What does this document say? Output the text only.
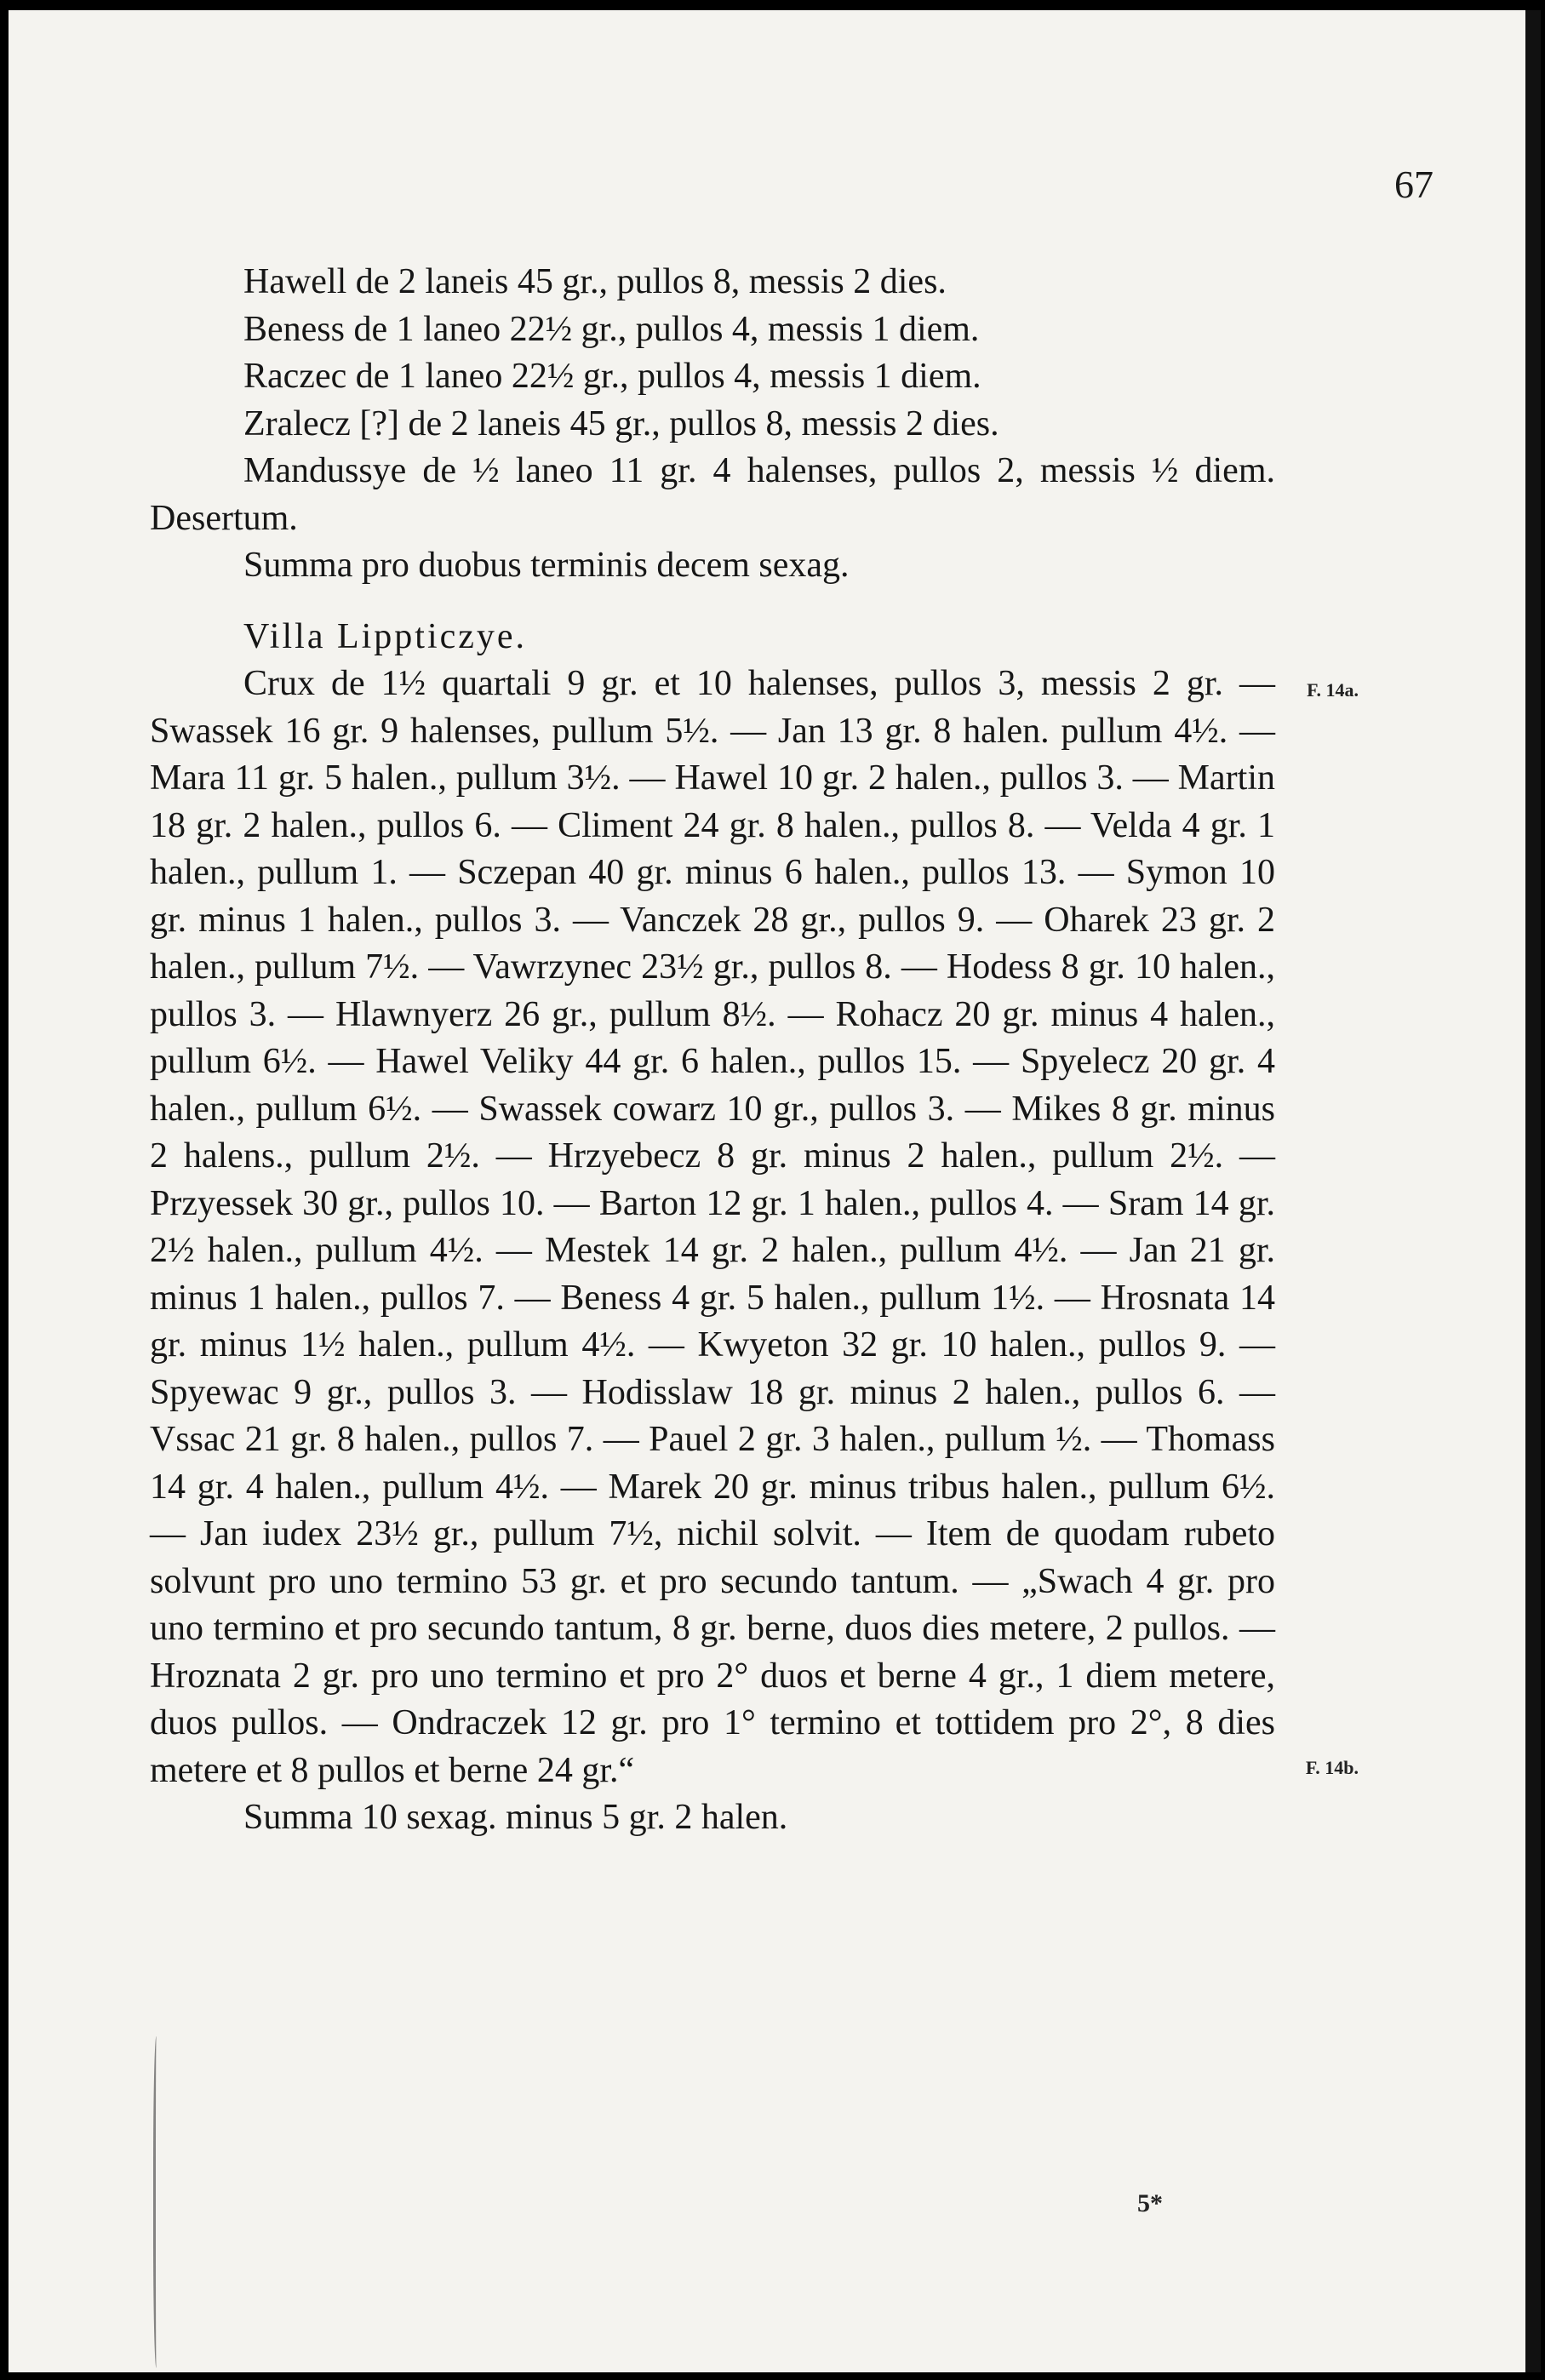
67

Hawell de 2 laneis 45 gr., pullos 8, messis 2 dies.

Beness de 1 laneo 22½ gr., pullos 4, messis 1 diem.

Raczec de 1 laneo 22½ gr., pullos 4, messis 1 diem.

Zralecz [?] de 2 laneis 45 gr., pullos 8, messis 2 dies.

Mandussye de ½ laneo 11 gr. 4 halenses, pullos 2, messis ½ diem. Desertum.

Summa pro duobus terminis decem sexag.

Villa Lippticzye.

Crux de 1½ quartali 9 gr. et 10 halenses, pullos 3, messis 2 gr. — Swassek 16 gr. 9 halenses, pullum 5½. — Jan 13 gr. 8 halen. pullum 4½. — Mara 11 gr. 5 halen., pullum 3½. — Hawel 10 gr. 2 halen., pullos 3. — Martin 18 gr. 2 halen., pullos 6. — Climent 24 gr. 8 halen., pullos 8. — Velda 4 gr. 1 halen., pullum 1. — Sczepan 40 gr. minus 6 halen., pullos 13. — Symon 10 gr. minus 1 halen., pullos 3. — Vanczek 28 gr., pullos 9. — Oharek 23 gr. 2 halen., pullum 7½. — Vawrzynec 23½ gr., pullos 8. — Hodess 8 gr. 10 halen., pullos 3. — Hlawnyerz 26 gr., pullum 8½. — Rohacz 20 gr. minus 4 halen., pullum 6½. — Hawel Veliky 44 gr. 6 halen., pullos 15. — Spyelecz 20 gr. 4 halen., pullum 6½. — Swassek cowarz 10 gr., pullos 3. — Mikes 8 gr. minus 2 halens., pullum 2½. — Hrzyebecz 8 gr. minus 2 halen., pullum 2½. — Przyessek 30 gr., pullos 10. — Barton 12 gr. 1 halen., pullos 4. — Sram 14 gr. 2½ halen., pullum 4½. — Mestek 14 gr. 2 halen., pullum 4½. — Jan 21 gr. minus 1 halen., pullos 7. — Beness 4 gr. 5 halen., pullum 1½. — Hrosnata 14 gr. minus 1½ halen., pullum 4½. — Kwyeton 32 gr. 10 halen., pullos 9. — Spyewac 9 gr., pullos 3. — Hodisslaw 18 gr. minus 2 halen., pullos 6. — Vssac 21 gr. 8 halen., pullos 7. — Pauel 2 gr. 3 halen., pullum ½. — Thomass 14 gr. 4 halen., pullum 4½. — Marek 20 gr. minus tribus halen., pullum 6½. — Jan iudex 23½ gr., pullum 7½, nichil solvit. — Item de quodam rubeto solvunt pro uno termino 53 gr. et pro secundo tantum. — „Swach 4 gr. pro uno termino et pro secundo tantum, 8 gr. berne, duos dies metere, 2 pullos. — Hroznata 2 gr. pro uno termino et pro 2° duos et berne 4 gr., 1 diem metere, duos pullos. — Ondraczek 12 gr. pro 1° termino et tottidem pro 2°, 8 dies metere et 8 pullos et berne 24 gr.“

Summa 10 sexag. minus 5 gr. 2 halen.

F. 14a.
F. 14b.
5*
